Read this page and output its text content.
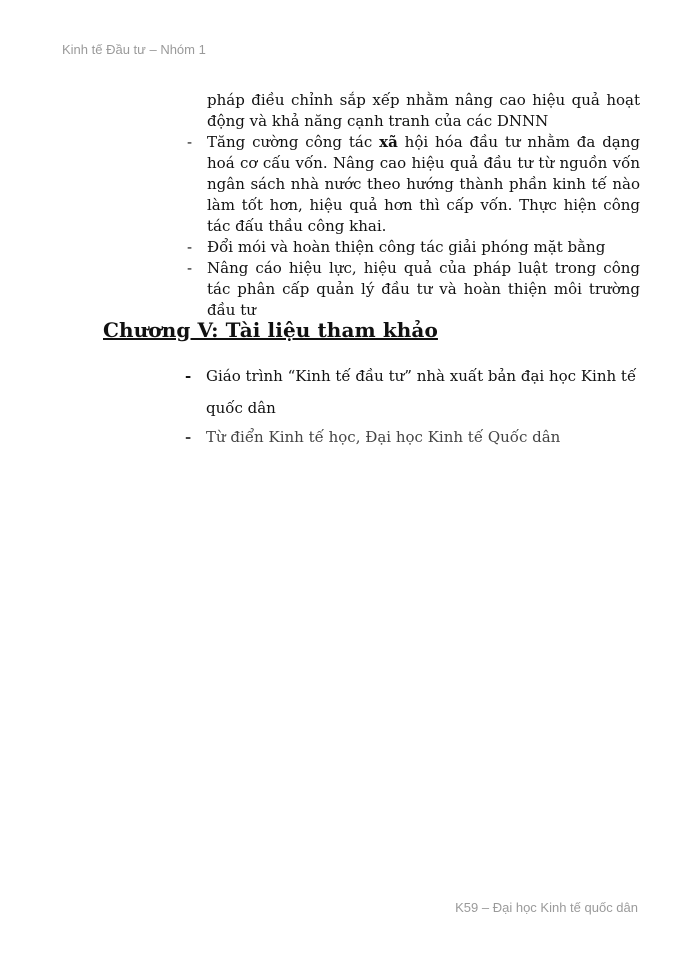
Kinh tế Đầu tư – Nhóm 1

pháp điều chỉnh sắp xếp nhằm nâng cao hiệu quả hoạt động và khả năng cạnh tranh của các DNNN

- Tăng cường công tác xã hội hóa đầu tư nhằm đa dạng hoá cơ cấu vốn. Nâng cao hiệu quả đầu tư từ nguồn vốn ngân sách nhà nước theo hướng thành phần kinh tế nào làm tốt hơn, hiệu quả hơn thì cấp vốn. Thực hiện công tác đấu thầu công khai.
- Đổi mói và hoàn thiện công tác giải phóng mặt bằng
- Nâng cáo hiệu lực, hiệu quả của pháp luật trong công tác phân cấp quản lý đầu tư và hoàn thiện môi trường đầu tư
Chương V: Tài liệu tham khảo
- Giáo trình “Kinh tế đầu tư” nhà xuất bản đại học Kinh tế quốc dân
- Từ điển Kinh tế học, Đại học Kinh tế Quốc dân
K59 – Đại học Kinh tế quốc dân
